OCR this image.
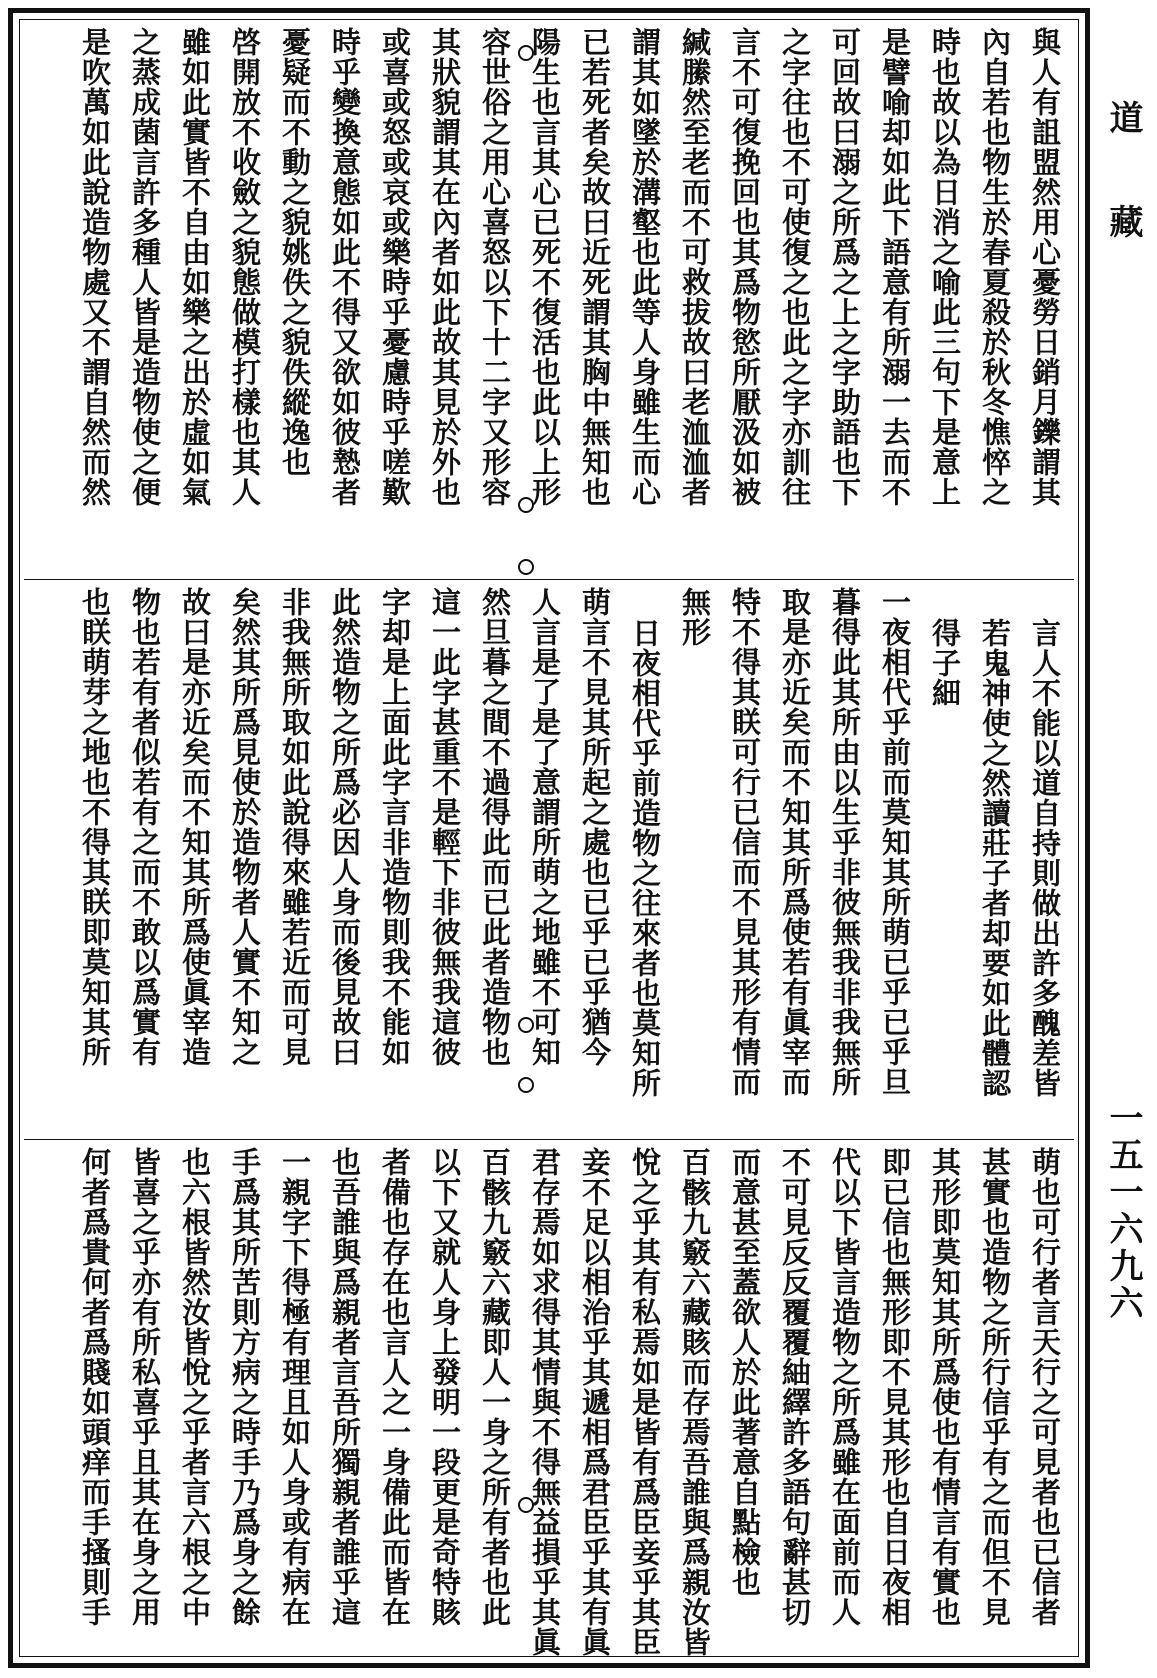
與人有詛盟然用心憂勞日銷月鑠謂其
內自若也物生於春夏殺於秋冬憔悴之
時也故以為日消之喻此三句下是意上
是譬喻却如此下語意有所溺一去而不
可回故曰溺之所爲之上之字助語也下
之字往也不可使復之也此之字亦訓往
言不可復挽回也其爲物慾所厭汲如被
緘縢然至老而不可救拔故曰老洫洫者
謂其如墜於溝壑也此等人身雖生而心
已若死者矣故曰近死謂其胸中無知也
陽生也言其心已死不復活也此以上形
容世俗之用心喜怒以下十二字又形容
其狀貌謂其在內者如此故其見於外也
或喜或怒或哀或樂時乎憂慮時乎嗟歎
時乎變換意態如此不得又欲如彼慹者
憂疑而不動之貌姚佚之貌佚縱逸也
啓開放不收斂之貌態做模打樣也其人
雖如此實皆不自由如樂之出於虛如氣
之蒸成菌言許多種人皆是造物使之便
是吹萬如此說造物處又不謂自然而然
言人不能以道自持則做出許多醜差皆
若鬼神使之然讀莊子者却要如此體認
得子細
一夜相代乎前而莫知其所萌已乎已乎旦
暮得此其所由以生乎非彼無我非我無所
取是亦近矣而不知其所爲使若有眞宰而
特不得其眹可行已信而不見其形有情而
無形
日夜相代乎前造物之往來者也莫知所
萌言不見其所起之處也已乎已乎猶今
人言是了是了意謂所萌之地雖不可知
然旦暮之間不過得此而已此者造物也
這一此字甚重不是輕下非彼無我這彼
字却是上面此字言非造物則我不能如
此然造物之所爲必因人身而後見故曰
非我無所取如此說得來雖若近而可見
矣然其所爲見使於造物者人實不知之
故曰是亦近矣而不知其所爲使眞宰造
物也若有者似若有之而不敢以爲實有
也眹萌芽之地也不得其眹即莫知其所
萌也可行者言天行之可見者也已信者
甚實也造物之所行信乎有之而但不見
其形即莫知其所爲使也有情言有實也
即已信也無形即不見其形也自日夜相
代以下皆言造物之所爲雖在面前而人
不可見反反覆覆紬繹許多語句辭甚切
而意甚至蓋欲人於此著意自點檢也
百骸九竅六藏賅而存焉吾誰與爲親汝皆
悅之乎其有私焉如是皆有爲臣妾乎其臣
妾不足以相治乎其遞相爲君臣乎其有眞
君存焉如求得其情與不得無益損乎其眞
百骸九竅六藏即人一身之所有者也此
以下又就人身上發明一段更是奇特賅
者備也存在也言人之一身備此而皆在
也吾誰與爲親者言吾所獨親者誰乎這
一親字下得極有理且如人身或有病在
手爲其所苦則方病之時手乃爲身之餘
也六根皆然汝皆悅之乎者言六根之中
皆喜之乎亦有所私喜乎且其在身之用
何者爲貴何者爲賤如頭痒而手搔則手
道藏
一五一六九六
